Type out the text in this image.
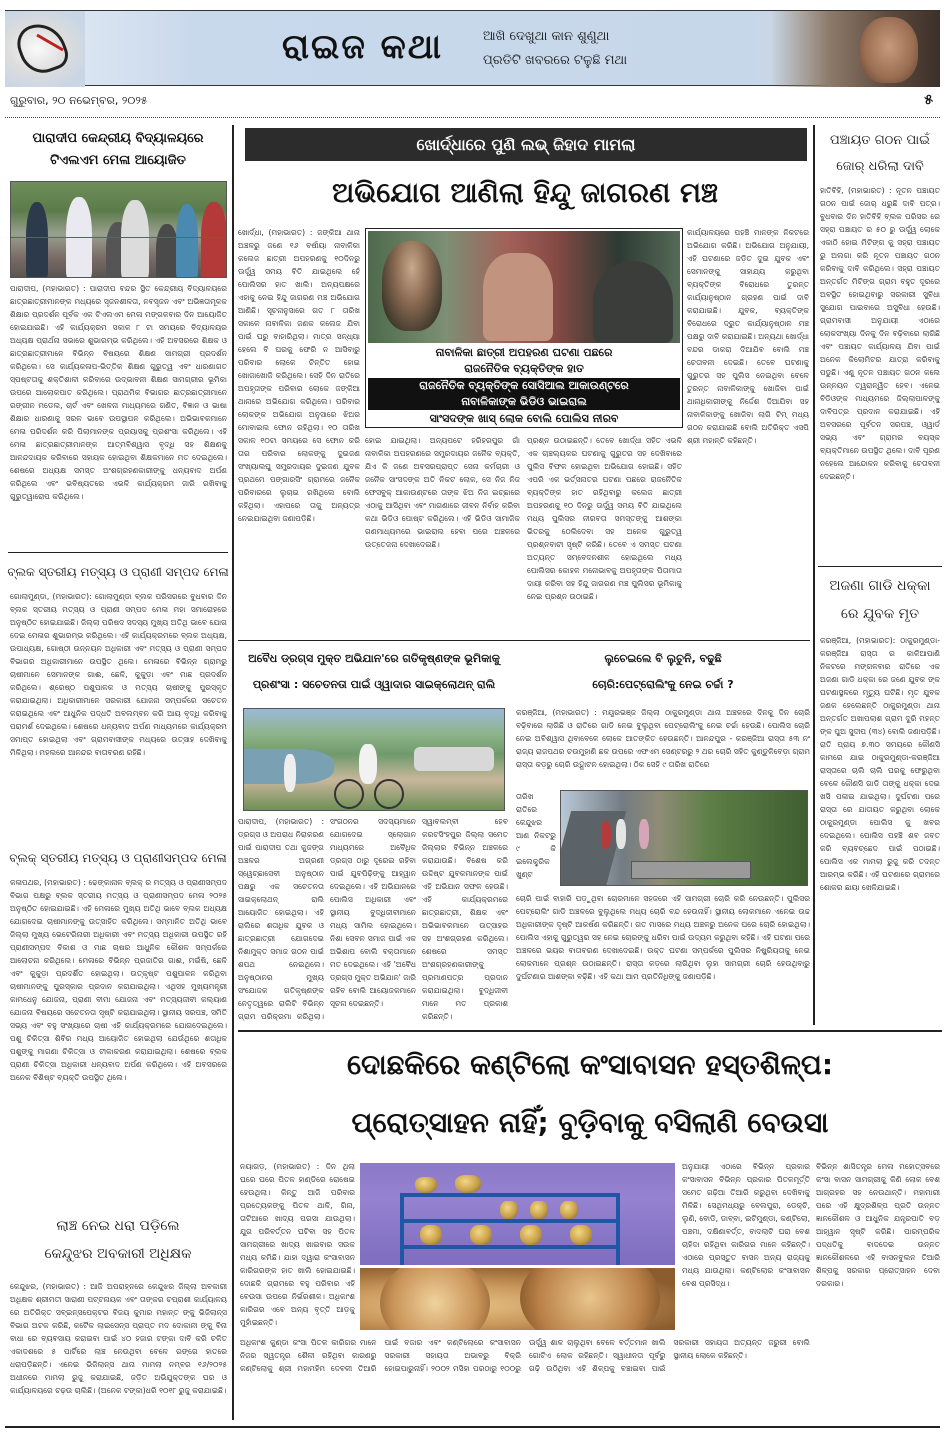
ରାଇଜ କଥା	ଆଖି ଦେଖୁଥା କାନ ଶୁଣୁଥା
ପ୍ରତିଟି ଖବରରେ ଟଳୁଛି ମଥା
ଗୁରୁବାର, ୨୦ ନଭେମ୍ବର, ୨୦୨୫	୫
ପାରାଦୀପ କେନ୍ଦ୍ରୀୟ ବିଦ୍ୟାଳୟରେ
ଟିଏଲଏମ ମେଳା ଆୟୋଜିତ
ପାରାଦୀପ, (ମହାଭାରତ) : ପାରାଦୀପ ବନ୍ଦର ସ୍ଥିତ କେନ୍ଦ୍ରୀୟ ବିଦ୍ୟାଳୟରେ ଛାତ୍ରଛାତ୍ରୀମାନଙ୍କ ମଧ୍ୟରେ ସୃଜନଶୀଳତା, ନବସୃଜନ ଏବଂ ଅଭିଜ୍ଞତାମୂଳକ ଶିକ୍ଷାର ପ୍ରଦର୍ଶନ ପୂର୍ବକ ଏକ ଟିଏଲଏମ ମେଳା ମଙ୍ଗଳବାର ଦିନ ଆୟୋଜିତ ହୋଇଯାଇଛି। ଏହି କାର୍ଯ୍ୟକ୍ରମ ସକାଳ ୮ ଟା ସମୟରେ ବିଦ୍ୟାଳୟର ଅଧ୍ୟକ୍ଷ ପ୍ରାର୍ଥନା ସଭାରେ ଶୁଭାରମ୍ଭ କରିଥିଲେ। ଏହି ଅବସରରେ ଶିକ୍ଷକ ଓ ଛାତ୍ରଛାତ୍ରୀମାନେ ବିଭିନ୍ନ ବିଷୟରେ ଶିକ୍ଷଣ ସାମଗ୍ରୀ ପ୍ରଦର୍ଶନ କରିଥିଲେ। ସେ କାର୍ଯ୍ୟକଳାପ-ଭିତ୍ତିକ ଶିକ୍ଷଣ ଗୁରୁତ୍ୱ ଏବଂ ଧାରଣାଗତ ସ୍ପଷ୍ଟତାକୁ ଶକ୍ତିଶାଳୀ କରିବାରେ ଉଦ୍ଭାବନୀ ଶିକ୍ଷଣ ସାମଗ୍ରୀର ଭୂମିକା ଉପରେ ଆଲୋକପାତ କରିଥିଲେ। ପ୍ରାଥମିକ ବିଭାଗର ଛାତ୍ରଛାତ୍ରୀମାନେ ରଙ୍ଗୀନ ମଡେଲ, ଚାର୍ଟ ଏବଂ ଖେଳନା ମାଧ୍ୟମରେ ଗଣିତ, ବିଜ୍ଞାନ ଓ ଭାଷା ଶିକ୍ଷାର ଧାରଣାକୁ ସରଳ ଭାବେ ଉପସ୍ଥାପନ କରିଥିଲେ। ଅଭିଭାବକମାନେ ମେଳା ପରିଦର୍ଶନ କରି ପିଲାମାନଙ୍କ ପ୍ରୟାସକୁ ପ୍ରଶଂସା କରିଥିଲେ। ଏହି ମେଳା ଛାତ୍ରଛାତ୍ରୀମାନଙ୍କ ଆତ୍ମବିଶ୍ୱାସ ବୃଦ୍ଧି ସହ ଶିକ୍ଷଣକୁ ଆନନ୍ଦଦାୟକ କରିବାରେ ସହାୟକ ହୋଇଥିବା ଶିକ୍ଷକମାନେ ମତ ଦେଇଥିଲେ। ଶେଷରେ ଅଧ୍ୟକ୍ଷ ସମସ୍ତ ଅଂଶଗ୍ରହଣକାରୀଙ୍କୁ ଧନ୍ୟବାଦ ଅର୍ପଣ କରିଥିଲେ ଏବଂ ଭବିଷ୍ୟତରେ ଏଭଳି କାର୍ଯ୍ୟକ୍ରମ ଜାରି ରଖିବାକୁ ଗୁରୁତ୍ୱାରୋପ କରିଥିଲେ।
ବ୍ଲକ ସ୍ତରୀୟ ମତ୍ସ୍ୟ ଓ ପ୍ରାଣୀ ସମ୍ପଦ ମେଳା
ଗୋଲାମୁଣ୍ଡା, (ମହାଭାରତ): ଗୋଲାମୁଣ୍ଡା ବ୍ଲକ ପରିସରରେ ବୁଧବାର ଦିନ ବ୍ଲକ ସ୍ତରୀୟ ମତ୍ସ୍ୟ ଓ ପ୍ରାଣୀ ସମ୍ପଦ ମେଳା ମହା ସମାରୋହରେ ଅନୁଷ୍ଠିତ ହୋଇଯାଇଛି। ଜିଲ୍ଲା ପରିଷଦ ସଦସ୍ୟ ମୁଖ୍ୟ ଅତିଥି ଭାବେ ଯୋଗ ଦେଇ ମେଳାର ଶୁଭାରମ୍ଭ କରିଥିଲେ। ଏହି କାର୍ଯ୍ୟକ୍ରମରେ ବ୍ଲକ ଅଧ୍ୟକ୍ଷ, ଉପାଧ୍ୟକ୍ଷ, ଗୋଷ୍ଠୀ ଉନ୍ନୟନ ଅଧିକାରୀ ଏବଂ ମତ୍ସ୍ୟ ଓ ପ୍ରାଣୀ ସମ୍ପଦ ବିଭାଗର ଅଧିକାରୀମାନେ ଉପସ୍ଥିତ ଥିଲେ। ମେଳାରେ ବିଭିନ୍ନ ଗ୍ରାମରୁ ଚାଷୀମାନେ ସେମାନଙ୍କ ଗାଈ, ଛେଳି, କୁକୁଡ଼ା ଏବଂ ମାଛ ପ୍ରଦର୍ଶନ କରିଥିଲେ। ଶ୍ରେଷ୍ଠ ପଶୁପାଳକ ଓ ମତ୍ସ୍ୟ ଚାଷୀଙ୍କୁ ପୁରସ୍କୃତ କରାଯାଇଥିଲା। ଅଧିକାରୀମାନେ ସରକାରୀ ଯୋଜନା ସମ୍ପର୍କରେ ସଚେତନ କରାଇଥିଲେ ଏବଂ ଆଧୁନିକ ପଦ୍ଧତି ଅବଲମ୍ବନ କରି ଆୟ ବୃଦ୍ଧି କରିବାକୁ ପରାମର୍ଶ ଦେଇଥିଲେ। ଶେଷରେ ଧନ୍ୟବାଦ ଅର୍ପଣ ମାଧ୍ୟମରେ କାର୍ଯ୍ୟକ୍ରମ ସମାପ୍ତ ହୋଇଥିଲା ଏବଂ ଗ୍ରାମବାସୀଙ୍କ ମଧ୍ୟରେ ଉତ୍ସାହ ଦେଖିବାକୁ ମିଳିଥିଲା। ମହଲରେ ଆନନ୍ଦର ବାତାବରଣ ରହିଛି।
ବ୍ଲକ୍ ସ୍ତରୀୟ ମତ୍ସ୍ୟ ଓ ପ୍ରାଣୀସମ୍ପଦ ମେଳା
କଳାପଥର, (ମହାଭାରତ) : ଢେଙ୍କାନାଳ ବ୍ଲକ୍ ର ମତ୍ସ୍ୟ ଓ ପ୍ରାଣୀସମ୍ପଦ ବିଭାଗ ପକ୍ଷରୁ ବ୍ଲକ ସ୍ତରୀୟ ମତ୍ସ୍ୟ ଓ ପ୍ରାଣୀସମ୍ପଦ ମେଳା ୨୦୨୫ ଅନୁଷ୍ଠିତ ହୋଇଯାଇଛି। ଏହି ମେଳାରେ ମୁଖ୍ୟ ଅତିଥି ଭାବେ ବ୍ଲକ ଅଧ୍ୟକ୍ଷ ଯୋଗଦେଇ ଚାଷୀମାନଙ୍କୁ ଉତ୍ସାହିତ କରିଥିଲେ। ସମ୍ମାନିତ ଅତିଥି ଭାବେ ଜିଲ୍ଲା ମୁଖ୍ୟ ଭେଟେରିନାରୀ ଅଧିକାରୀ ଏବଂ ମତ୍ସ୍ୟ ଅଧିକାରୀ ଉପସ୍ଥିତ ରହି ପ୍ରାଣୀସମ୍ପଦ ବିକାଶ ଓ ମାଛ ଚାଷର ଆଧୁନିକ କୌଶଳ ସମ୍ପର୍କରେ ଆଲୋଚନା କରିଥିଲେ। ମେଳାରେ ବିଭିନ୍ନ ପ୍ରଜାତିର ଗାଈ, ମଇଁଷି, ଛେଳି ଏବଂ କୁକୁଡ଼ା ପ୍ରଦର୍ଶିତ ହୋଇଥିଲା। ଉତ୍କୃଷ୍ଟ ପଶୁପାଳନ କରିଥିବା ଚାଷୀମାନଙ୍କୁ ପୁରସ୍କାର ପ୍ରଦାନ କରାଯାଇଥିଲା। ଏଥିସହ ମୁଖ୍ୟମନ୍ତ୍ରୀ କାମଧେନୁ ଯୋଜନା, ପ୍ରାଣୀ ବୀମା ଯୋଜନା ଏବଂ ମତ୍ସ୍ୟଜୀବୀ କଲ୍ୟାଣ ଯୋଜନା ବିଷୟରେ ସଚେତନତା ସୃଷ୍ଟି କରାଯାଇଥିଲା। ସ୍ଥାନୀୟ ସରପଞ୍ଚ, ସମିତି ସଭ୍ୟ ଏବଂ ବହୁ ସଂଖ୍ୟାରେ ଚାଷୀ ଏହି କାର୍ଯ୍ୟକ୍ରମରେ ଯୋଗଦେଇଥିଲେ। ପଶୁ ଚିକିତ୍ସା ଶିବିର ମଧ୍ୟ ଆୟୋଜିତ ହୋଇଥିଲା ଯେଉଁଥିରେ ଶତାଧିକ ପଶୁଙ୍କୁ ମାଗଣା ଚିକିତ୍ସା ଓ ଟୀକାକରଣ କରାଯାଇଥିଲା। ଶେଷରେ ବ୍ଲକ ପ୍ରାଣୀ ଚିକିତ୍ସା ଅଧିକାରୀ ଧନ୍ୟବାଦ ଅର୍ପଣ କରିଥିଲେ। ଏହି ଅବସରରେ ଅନେକ ବିଶିଷ୍ଟ ବ୍ୟକ୍ତି ଉପସ୍ଥିତ ଥିଲେ।
ଲାଞ୍ଚ ନେଇ ଧରା ପଡ଼ିଲେ
କେନ୍ଦୁଝର ଅବକାରୀ ଅଧିକ୍ଷକ
କେନ୍ଦୁଝର, (ମହାଭାରତ) : ଆଜି ଅପରାହ୍ନରେ କେନ୍ଦୁଝର ଜିଲ୍ଲା ଅବକାରୀ ଅଧିକ୍ଷକ ଶ୍ରୀମତୀ ସାରାଣୀ ପଟ୍ଟନାୟକ ଏବଂ ତାଙ୍କର ଚପ୍ରାଶୀ କାର୍ଯ୍ୟାଳୟ ରେ ଅତିରିକ୍ତ ସବ୍‌ଇନ୍‌ସପେକ୍ଟର ବିଜୟ କୁମାର ମହାନ୍ତ ଙ୍କୁ ଭିଜିଲାନ୍ସ ବିଭାଗ ଅଟକ କରିଛି, କଟୈକ ଲାଇସେନ୍ସ ପ୍ରାପ୍ତ ମଦ ଦୋକାନୀ ଙ୍କୁ ବିନା ବାଧା ରେ ବ୍ୟବସାୟ କରାଇବା ପାଇଁ ୪୦ ହଜାର ଟଙ୍କା ଦାବି କରି ଚଳିତ ଏକାଦଶରେ ୫ ପାର୍ଟିରେ ଲାଞ୍ଚ ନେଉଥିବା ବେଳେ ରଙ୍ଗେ ହାତରେ ଧରାପଡ଼ିଛନ୍ତି। ଏନେଇ ଭିଜିଲାନ୍ସ ଥାନା ମାମଲା ନମ୍ବର ୧୬/୨୦୨୫ ଅଧୀନରେ ମାମଲା ରୁଜୁ କରାଯାଇଛି, ଜଡ଼ିତ ଅଭିଯୁକ୍ତଙ୍କ ଘର ଓ କାର୍ଯ୍ୟାଳୟରେ ଚଢ଼ଉ ଚାଲିଛି। (ଅନେକ ଟଙ୍କା)ଧରି ୧୦୧୮ ରୁଜୁ କରାଯାଇଛି।
ଖୋର୍ଦ୍ଧାରେ ପୁଣି ଲଭ୍ ଜିହାଦ ମାମଲା
ଅଭିଯୋଗ ଆଣିଲା ହିନ୍ଦୁ ଜାଗରଣ ମଞ୍ଚ
ଖୋର୍ଦ୍ଧା, (ମହାଭାରତ) : ଜଙ୍କିଆ ଥାନା ଅଞ୍ଚଳରୁ ଜଣେ ୧୬ ବର୍ଷୀୟା ନାବାଳିକା କଲେଜ ଛାତ୍ରୀ ଅପହରଣକୁ ୧୦ଦିନରୁ ଊର୍ଦ୍ଧ୍ୱ ସମୟ ବିତି ଯାଇଥିଲେ ହେଁ ପୋଲିସର ହାତ ଖାଲି। ଅନ୍ୟପକ୍ଷରେ ଏହାକୁ ନେଇ ହିନ୍ଦୁ ଜାଗରଣ ମଞ୍ଚ ଅଭିଯୋଗ ଆଣିଛି। ସୂଚନାନୁସାରେ ଗତ ୮ ତାରିଖ ସକାଳେ ନାବାଳିକା ଜଣକ କଲେଜ ଯିବା ପାଇଁ ଘରୁ ବାହାରିଥିଲା। ମାତ୍ର ସନ୍ଧ୍ୟା ହେଲେ ବି ଘରକୁ ଫେରି ନ ଆସିବାରୁ ପରିବାର ଲୋକେ ଚିନ୍ତିତ ହୋଇ ଖୋଜାଖୋଜି କରିଥିଲେ। ସେହି ଦିନ ରାତିରେ ଅପହୃତାଙ୍କ ପରିବାର ଲୋକେ ଜଙ୍କିଆ ଥାନାରେ ଅଭିଯୋଗ କରିଥିଲେ। ପରିବାର ଲୋକଙ୍କ ଅଭିଯୋଗ ଅନୁସାରେ ଝିଅର ମୋବାଇଲ ଫୋନ ରହିଥିଲା। ୧୦ ତାରିଖ ସକାଳ ୧୦ଟା ସମୟରେ ସେ ଫୋନ କରି ତାର ପରିବାର ଲୋକଙ୍କୁ ଦୁଇଜଣ ସଂଖ୍ୟାଲଘୁ ସମ୍ପ୍ରଦାୟର ଦୁଇଜଣ ଯୁବକ ପ୍ରଥମେ ପଙ୍ଗାରସିଂ ଗ୍ରାମରେ ଜନୈକ ପରିବାରରେ ଲୁଚାଇ ରଖିଥିଲେ ବୋଲି କହିଥିଲା। ଏହାପରେ ତାକୁ ଅନ୍ୟତ୍ର ନେଇଯାଇଥିବା ଜଣାପଡ଼ିଛି।
କାର୍ଯ୍ୟାଳୟରେ ପହଞ୍ଚି ମାନଙ୍କ ନିକଟରେ ଅଭିଯୋଗ କରିଛି। ଅଭିଯୋଗ ଅନୁଯାୟୀ, ଏହି ଘଟଣାରେ ଜଡ଼ିତ ଦୁଇ ଯୁବକ ଏବଂ ସେମାନଙ୍କୁ ସାହାଯ୍ୟ କରୁଥିବା ବ୍ୟକ୍ତିଙ୍କ ବିରୋଧରେ ତୁରନ୍ତ କାର୍ଯ୍ୟାନୁଷ୍ଠାନ ଗ୍ରହଣ ପାଇଁ ଦାବି କରାଯାଇଛି। ଯୁବକ, ବ୍ୟକ୍ତିଙ୍କ ବିରୋଧରେ ଦ୍ରୁତ କାର୍ଯ୍ୟାନୁଷ୍ଠାନ ମଞ୍ଚ ପକ୍ଷରୁ ଦାବି କରାଯାଇଛି। ଅନ୍ୟଥା ଖୋର୍ଦ୍ଧା ବନ୍ଦର ଡାକରା ଦିଆଯିବ ବୋଲି ମଞ୍ଚ ଚେତାବନୀ ଦେଇଛି। ତେବେ ଘଟଣାକୁ ଗୁରୁତର ସହ ପୁଲିସ ନେଇଥିବା ବେଳେ ତୁରନ୍ତ ନାବାଳିକାଙ୍କୁ ଖୋଜିବା ପାଇଁ ଥାନାଧିକାରୀଙ୍କୁ ନିର୍ଦ୍ଦେଶ ଦିଆଯିବା ସହ ନାବାଳିକାଙ୍କୁ ଖୋଜିବା ଲାଗି ଟିମ୍ ମଧ୍ୟ ଗଠନ କରାଯାଇଛି ବୋଲି ଅତିରିକ୍ତ ଏସପି ଶ୍ରୀ ମହାନ୍ତି କହିଛନ୍ତି।
ନାବାଳିକା ଛାତ୍ରୀ ଅପହରଣ ଘଟଣା ପଛରେ
ରାଜନୈତିକ ବ୍ୟକ୍ତିଙ୍କ ହାତ
ରାଜନୈତିକ ବ୍ୟକ୍ତିଙ୍କ ସୋସିଆଲ ଆକାଉଣ୍ଟରେ
ନାବାଳିକାଙ୍କ ଭିଡିଓ ଭାଇରାଲ
ସାଂସଦଙ୍କ ଖାସ୍ ଲୋକ ବୋଲି ପୋଲିସ ନୀରବ
ହୋଇ ଯାଇଥିଲା। ଅନ୍ୟପଟେ ହରିହରପୁର ଗାଁ ନାବାଳିକା ଅପହରଣରେ ସମ୍ପ୍ରଦାୟର ଜନୈକ ବ୍ୟକ୍ତି, ଯିଏ କି ଜଣେ ଅବସରପ୍ରାପ୍ତ ସେନା କର୍ମଚାରୀ ଓ ଜନୈକ ସାଂସଦଙ୍କ ଅତି ନିକଟ ଲୋକ, ସେ ନିଜ ନିଜ ଫେସବୁକ୍ ଆକାଉଣ୍ଟରେ ତାଙ୍କ ଝିଅ ନିଜ ଇଚ୍ଛାରେ ଏଠାକୁ ଆସିଥିବା ଏବଂ ମାଗଣାରେ ଜୀବନ ନିର୍ବାହ କରିବା କଥା ଭିଡିଓ ପୋଷ୍ଟ କରିଥିଲେ। ଏହି ଭିଡିଓ ସାମାଜିକ ଗଣମାଧ୍ୟମରେ ଭାଇରାଲ ହେବା ପରେ ଅଞ୍ଚଳରେ ଉତ୍ତେଜନା ଦେଖାଦେଇଛି।
ପ୍ରଶ୍ନ ଉଠାଇଛନ୍ତି। ତେବେ ଖୋର୍ଦ୍ଧା ସହିତ ଏଭଳି ଏକ ଚାଞ୍ଚଲ୍ୟକର ଘଟଣାକୁ ଗୁରୁତର ସହ ଦେଖିବାରେ ପୁଲିସ ବିଫଳ ହୋଇଥିବା ଅଭିଯୋଗ ହୋଇଛି। ସହିତ ଏପରି ଏକ ଭର୍ତ୍ସନାତର ଘଟଣା ପଛରେ ରାଜନୈତିକ ବ୍ୟକ୍ତିଙ୍କ ହାତ ରହିଥିବାରୁ କଲେଜ ଛାତ୍ରୀ ଅପହରଣକୁ ୧୦ ଦିନରୁ ଊର୍ଦ୍ଧ୍ୱ ସମୟ ବିତି ଯାଇଥିଲେ ମଧ୍ୟ ପୁଲିସର ନୀରବତା ସମସ୍ତଙ୍କୁ ଆଶଙ୍କା ଭିତରକୁ ଠେଲିଦେବା ସହ ଅନେକ ଗୁରୁତ୍ୱ ପ୍ରଶ୍ନବାଚୀ ସୃଷ୍ଟି କରିଛି। ତେବେ ଏ ସମସ୍ତ ଘଟଣା ଅତ୍ୟନ୍ତ ସମ୍ବେଦନଶୀଳ ହୋଇଥିଲେ ମଧ୍ୟ ପୋଲିସର କୋହଳ ମନୋଭାବକୁ ଅପହୃତାଙ୍କ ପିତାମାତା ଦାୟୀ କରିବା ସହ ହିନ୍ଦୁ ଜାଗରଣ ମଞ୍ଚ ପୁଲିସର ଭୂମିକାକୁ ନେଇ ପ୍ରଶ୍ନ ଉଠାଇଛି।
ପଞ୍ଚାୟତ ଗଠନ ପାଇଁ
ଜୋର୍ ଧରିଲା ଦାବି
ହାତିବିହି, (ମହାଭାରତ) : ନୂତନ ପଞ୍ଚାୟତ ଗଠନ ପାଇଁ ଜୋର୍ ଧରୁଛି ଦାବି ପତ୍ର। ବୁଧବାର ଦିନ ହାତିବିହି ବ୍ଲକ ପରିସର ରେ ସହ୍ରା ପଞ୍ଚାୟତ ର ୫୦ ରୁ ଊର୍ଦ୍ଧ୍ୱ ଲୋକେ ଏକାଠି ହୋଇ ମିଟିଙ୍ଗ କୁ ସହ୍ରା ପଞ୍ଚାୟତ ରୁ ଅଲଗା କରି ନୂତନ ପଞ୍ଚାୟତ ଗଠନ କରିବାକୁ ଦାବି କରିଥିଲେ। ସହ୍ରା ପଞ୍ଚାୟତ ଅନ୍ତର୍ଗତ ମିଟିଙ୍ଗ ଗ୍ରାମ ବହୁତ ଦୂରରେ ଅବସ୍ଥିତ ହୋଇଥିବାରୁ ସରକାରୀ ସୁବିଧା ସୁଯୋଗ ପାଇବାରେ ଅସୁବିଧା ହେଉଛି। ଗ୍ରାମବାସୀ ଅନୁଯାୟୀ ଏଠାରେ ଲୋକସଂଖ୍ୟା ଦିନକୁ ଦିନ ବଢ଼ିବାରେ ଲାଗିଛି ଏବଂ ପଞ୍ଚାୟତ କାର୍ଯ୍ୟାଳୟ ଯିବା ପାଇଁ ଅନେକ କିଲୋମିଟର ଯାତ୍ରା କରିବାକୁ ପଡୁଛି। ଏଣୁ ନୂତନ ପଞ୍ଚାୟତ ଗଠନ କଲେ ଉନ୍ନୟନ ତ୍ୱରାନ୍ୱିତ ହେବ। ଏନେଇ ବିଡିଓଙ୍କ ମାଧ୍ୟମରେ ଜିଲ୍ଲାପାଳଙ୍କୁ ଦାବିପତ୍ର ପ୍ରଦାନ କରାଯାଇଛି। ଏହି ଅବସରରେ ପୂର୍ବତନ ସରପଞ୍ଚ, ଓ୍ୱାର୍ଡ ସଭ୍ୟ ଏବଂ ଗ୍ରାମର ବୟସ୍କ ବ୍ୟକ୍ତିମାନେ ଉପସ୍ଥିତ ଥିଲେ। ଦାବି ପୂରଣ ନହେଲେ ଆନ୍ଦୋଳନ କରିବାକୁ ଚେତାବନୀ ଦେଇଛନ୍ତି।
ଅଜଣା ଗାଡି ଧକ୍କା
ରେ ଯୁବକ ମୃତ
କରଞ୍ଜିଆ, (ମହାଭାରତ): ଠାକୁରମୁଣ୍ଡା- କରଞ୍ଜିଆ ରାସ୍ତା ର କାଳିଆପାଣି ନିକଟରେ ମଙ୍ଗଳବାର ରାତିରେ ଏକ ଅଜଣା ଗାଡି ଧକ୍କା ରେ ଜଣେ ଯୁବକ ଙ୍କ ଘଟଣାସ୍ଥଳରେ ମୃତ୍ୟୁ ଘଟିଛି। ମୃତ ଯୁବକ ଜଣକ ହେଲେଛନ୍ତି ଠାକୁରମୁଣ୍ଡା ଥାନା ଅନ୍ତର୍ଗତ ଅଖାପଲାଶ ଗ୍ରାମ ଦୁରି ମହନ୍ତ ଙ୍କ ପୁଅ ସୁଦୀପ (୩୪) ବୋଲି ଜଣାପଡ଼ିଛି। ରାତି ପ୍ରାୟ ୭.୩୦ ସମୟରେ କୌଣସି କାମରେ ଯାଇ ଠାକୁରମୁଣ୍ଡା-କରଞ୍ଜିଆ ରାସ୍ତାରେ ଚାଲି ଚାଲି ଘରକୁ ଫେରୁଥିବା ବେଳେ କୌଣସି ଗାଡି ତାଙ୍କୁ ଧକ୍କା ଦେଇ ଖସି ପଳାଇ ଯାଇଥିଲା। ଦୁର୍ଘଟଣା ପରେ ରାସ୍ତା ରେ ଯାତାୟତ କରୁଥିବା ଲୋକେ ଠାକୁରମୁଣ୍ଡା ପୋଲିସ କୁ ଖବର ଦେଇଥିଲେ। ପୋଲିସ ପହଞ୍ଚି ଶବ ଜବତ କରି ବ୍ୟବଚ୍ଛେଦ ପାଇଁ ପଠାଇଛି। ପୋଲିସ ଏକ ମାମଲା ରୁଜୁ କରି ତଦନ୍ତ ଆରମ୍ଭ କରିଛି। ଏହି ଘଟଣାରେ ଗ୍ରାମରେ ଶୋକର ଛାୟା ଖେଳିଯାଇଛି।
ଅବୈଧ ଡ୍ରଗ୍ସ ମୁକ୍ତ ଅଭିଯାନ'ରେ ଗତିକୃଷ୍ଣଙ୍କ ଭୂମିକାକୁ
ପ୍ରଶଂସା : ସଚେତନତା ପାଇଁ ଓ୍ୱାଦାର ସାଇକ୍ଲୋଥନ୍ ରାଲି
ପାରାଦୀପ, (ମହାଭାରତ) : ଡ୍ରଗ୍ସ ଓ ଅପରାଧ ନିରାକରଣ ପାଇଁ ପାରାଦୀପ ତଥା କୁଜଙ୍ଗ ଅଞ୍ଚଳର ଅଗ୍ରଣୀ ସ୍ୱେଚ୍ଛାସେବୀ ଅନୁଷ୍ଠାନ ପକ୍ଷରୁ ଏକ ସଚେତନତା ସାଇକ୍ଲୋଥନ୍ ରାଲି ଆୟୋଜିତ ହୋଇଥିଲା। ଏହି ରାଲିରେ ଶତାଧିକ ଯୁବକ ଓ ଛାତ୍ରଛାତ୍ରୀ ଯୋଗଦେଇ ନିଶାମୁକ୍ତ ସମାଜ ଗଠନ ପାଇଁ ଶପଥ ନେଇଥିଲେ। ଅନୁଷ୍ଠାନର ମୁଖ୍ୟ ସଂଯୋଜକ ଗତିକୃଷ୍ଣଙ୍କ ନେତୃତ୍ୱରେ ରାଲିଟି ବିଭିନ୍ନ ଗ୍ରାମ ପରିକ୍ରମା କରିଥିଲା।
ସଂଗଠନର ସଦସ୍ୟମାନେ ଯୋଗଦେଇ ସ୍ଲୋଗାନ ମାଧ୍ୟମରେ ଅବୈଧିକ ଡ୍ରଗ୍ସ ଠାରୁ ଦୂରେଇ ରହିବା ପାଇଁ ଯୁବପିଢ଼ିଙ୍କୁ ଆହ୍ୱାନ ଦେଇଥିଲେ। ଏହି ଅଭିଯାନରେ ପୋଲିସ ଅଧିକାରୀ ଏବଂ ସ୍ଥାନୀୟ ବୁଦ୍ଧିଜୀବୀମାନେ ମଧ୍ୟ ସାମିଲ ହୋଇଥିଲେ। ନିଶା ସେବନ ସମାଜ ପାଇଁ ଏକ ଅଭିଶାପ ବୋଲି ବକ୍ତାମାନେ ମତ ଦେଇଥିଲେ। ଏହି 'ଅବୈଧ ଡ୍ରଗ୍ସ ମୁକ୍ତ ଅଭିଯାନ' ଜାରି ରହିବ ବୋଲି ଆୟୋଜକମାନେ ସୂଚନା ଦେଇଛନ୍ତି।
ସ୍ୱାବଲମ୍ବୀ ହେବ କରଟସିଂହପୁର ଜିଲ୍ଲା ସମେତ ଜିଲ୍ଲାର ବିଭିନ୍ନ ଅଞ୍ଚଳରେ କରାଯାଉଛି। ବିଶେଷ କରି ଉଦ୍ଦିଷ୍ଟ ଯୁବକମାନଙ୍କ ପାଇଁ ଏହି ଅଭିଯାନ ସଫଳ ହେଉଛି। ଏହି କାର୍ଯ୍ୟକ୍ରମରେ ଛାତ୍ରଛାତ୍ରୀ, ଶିକ୍ଷକ ଏବଂ ଅଭିଭାବକମାନେ ଉତ୍ସାହର ସହ ଅଂଶଗ୍ରହଣ କରିଥିଲେ। ଶେଷରେ ସମସ୍ତ ଅଂଶଗ୍ରହଣକାରୀଙ୍କୁ ପ୍ରମାଣପତ୍ର ପ୍ରଦାନ କରାଯାଇଥିଲା। ବୁଦ୍ଧିଜୀବୀ ମାନେ ମତ ପ୍ରକାଶ କରିଛନ୍ତି।
ଲୁଚେଇଲେ ବି ଲୁଚୁନି, ବଢୁଛି
ଚୋରି:ପେଟ୍ରୋଲିଂକୁ ନେଇ ଚର୍ଚ୍ଚା ?
କରଞ୍ଜିଆ, (ମହାଭାରତ) : ମୟୂରଭଞ୍ଜ ଜିଲ୍ଲା ଠାକୁରମୁଣ୍ଡା ଥାନା ଅଞ୍ଚଳରେ ଦିନକୁ ଦିନ ଚୋରି ବଢ଼ିବାରେ ଲାଗିଛି ଓ ରାତିରେ ଗାଡି ନେଇ ବୁଲୁଥିବା ପେଟ୍ରୋଲିଂକୁ ନେଇ ଚର୍ଚ୍ଚା ହେଉଛି। ପୋଲିସ ଚୋରି ନେଇ ଅବିଶ୍ୱାସ ଥିବାବେଳେ ଲୋକେ ଆତଙ୍କିତ ହେଉଛନ୍ତି। ଆନନ୍ଦପୁର - କରଞ୍ଜିଆ ରାସ୍ତା ୫୩ ନଂ ରାଜ୍ୟ ରାଜପଥର ଚଉମୁହାଣି ଛକ ଉପରେ ଏଫଏମ ସେଣ୍ଟରରୁ ୨ ଥର ଚୋରି ସହିତ କୁଣ୍ଡୁଳିବେଡ଼ା ଗ୍ରାମ ରାସ୍ତା କଡ଼ରୁ ଚୋରି ଉଦ୍ଘାଟନ ହୋଇଥିଲା। ଠିକ ସେହି ୯ ତାରିଖ ରାତିରେ
ତାରିଖ ରାତିରେ କେନ୍ଦୁଝର ଆଣ ନିକଟରୁ ୯ କି ଇଲେକ୍ଟ୍ରିକ ଖୁଣ୍ଟ
ଚୋରି ପାଇଁ ବାହାରି ପଡ଼ୁଥିବା ଚୋରମାନେ ସହଜରେ ଏହି ସାମଗ୍ରୀ ଚୋରି କରି ନେଉଛନ୍ତି। ପୁଲିସର ପେଟ୍ରୋଲିଂ ଗାଡି ଅଞ୍ଚଳରେ ବୁଲୁଥିଲେ ମଧ୍ୟ ଚୋରି ବନ୍ଦ ହେଉନାହିଁ। ସ୍ଥାନୀୟ ଲୋକମାନେ ଏନେଇ ଉଚ୍ଚ ଅଧିକାରୀଙ୍କ ଦୃଷ୍ଟି ଆକର୍ଷଣ କରିଛନ୍ତି। ଗତ ମାସରେ ମଧ୍ୟ ଅଞ୍ଚଳରୁ ଅନେକ ଘରେ ଚୋରି ହୋଇଥିଲା। ପୋଲିସ ଏହାକୁ ଗୁରୁତ୍ୱର ସହ ନେଇ ଚୋରଙ୍କୁ ଧରିବା ପାଇଁ ଉଦ୍ୟମ କରୁଥିବା କହିଛି। ଏହି ଘଟଣା ପରେ ଅଞ୍ଚଳରେ ଭୟର ବାତାବରଣ ଦେଖାଦେଇଛି। ଉକ୍ତ ଘଟଣା ସମ୍ପର୍କରେ ପୁଲିସର ନିଷ୍କ୍ରିୟତାକୁ ନେଇ ଲୋକମାନେ ପ୍ରଶ୍ନ ଉଠାଇଛନ୍ତି। ରାସ୍ତା କଡ଼ରେ ଲାଗିଥିବା ଲୁହା ସାମଗ୍ରୀ ଚୋରି ହେଉଥିବାରୁ ଦୁର୍ଘଟଣାର ଆଶଙ୍କା ବଢ଼ିଛି। ଏହି କଥା ଆମ ପ୍ରତିନିଧିଙ୍କୁ ଜଣାପଡ଼ିଛି।
ଦୋଛକିରେ କଣ୍ଟିଲୋ କଂସାବାସନ ହସ୍ତଶିଳ୍ପ:
ପ୍ରୋତ୍ସାହନ ନାହିଁ; ବୁଡ଼ିବାକୁ ବସିଲାଣି ବେଉସା
ନୟାଗଡ଼, (ମହାଭାରତ) : ଦିନ ଥିଲା ଘରେ ଘରେ ପିତଳ ହାଣ୍ଡିରେ ରୋଷେଇ ହେଉଥିଲା। କିନ୍ତୁ ଆଜି ପରିବାର ପ୍ରତ୍ୟେକଙ୍କୁ ପିତଳ ଥାଳି, ଗିନା, ତାଟିଆରେ ଖାଦ୍ୟ ପରସା ଯାଉଥିଲା। ଯୁଗ ପରିବର୍ତ୍ତନ ଘଟିବା ସହ ପିତଳ ସାମଗ୍ରୀରେ ଖାଦ୍ୟ ଖାଇବାର ସଉକ ମଧ୍ୟ କମିଛି। ଯାହା ଦ୍ୱାରା କଂସାବାସନ କାରିଗରଙ୍କ ହାତ ଖାଲି ହୋଇଯାଇଛି। ଦୋଛକି ଗ୍ରାମରେ ବହୁ ପରିବାର ଏହି ବେଉସା ଉପରେ ନିର୍ଭରଶୀଳ। ଅଧିକାଂଶ କାରିଗର ଏବେ ଅନ୍ୟ ବୃତ୍ତି ଆଡ଼କୁ ମୁହାଁଇଛନ୍ତି।
ଅନୁଯାୟୀ ଏଠାରେ ବିଭିନ୍ନ ପ୍ରକାର କଂସାବାସନ ବିଭିନ୍ନ ପ୍ରକାର ପିତଳମୂର୍ତ୍ତି ସମେତ ଗଢ଼ିଆ ତିଆରି କରୁଥିବା ଦେଖିବାକୁ ମିଳିଛି। ସେଥିମଧ୍ୟରୁ ବେଲପୁରା, ଡେକ୍ଚି, ଲୁଣି, ବୋଡି, ଡାବ୍ବା, ଇଟିମୁଣ୍ଡା, କଣ୍ଟିଲୋ, ପଞ୍ଚମା, ଦକ୍ଷିଣାବର୍ତ୍ତ, ବାଦଲାଟି ଘରା ବେଶ ଚାହିଦା ରହିଥିବା କାରିଗର ମାନେ କହିଛନ୍ତି। ଏଠାରେ ପ୍ରସ୍ତୁତ ବାସନ ଅନ୍ୟ ରାଜ୍ୟକୁ ମଧ୍ୟ ଯାଉଥିଲା। କଣ୍ଟିଲୋର କଂସାବାସନ ବେଶ ପ୍ରସିଦ୍ଧ।
ବିଭିନ୍ନ ଶାସିତନ୍ତ୍ର ମେଳା ମହୋତ୍ସବରେ କଂସା ବାସନ ସାମଗ୍ରୀକୁ କିଣି ଲୋକ ବେଶ ଆଗ୍ରହର ସହ ନେଉଥାନ୍ତି। ମହାମାରୀ ପରେ ଏହି କ୍ଷୁଦ୍ରଶିଳ୍ପ ପ୍ରତି ଉନ୍ନତ ଜ୍ଞାନକୌଶଳ ଓ ଆଧୁନିକ ଯନ୍ତ୍ରପାତି ବଡ଼ ଆହ୍ୱାନ ସୃଷ୍ଟି କରିଛି। ପାରମ୍ପରିକ ପଦ୍ଧତିକୁ ବାଦଦେଇ ଉନ୍ନତ ଜ୍ଞାନକୌଶଳରେ ଏହି ବାସନବୁଲନ ତିଆରି ଶିଳ୍ପକୁ ସରକାର ପ୍ରୋତ୍ସାହନ ଦେବା ଦରକାର।
ଅଧିକାଂଶ କୁଣ୍ଡା କଂସା ପିତଳ କାରିଗର ମାନେ ନିଜର ସ୍ୱତନ୍ତ୍ର ଶୈଳୀ ରହିଥିବା କାରଣରୁ କଣ୍ଟିଲୋକୁ ଶ୍ରୀ ମହାମହିମ ଦେବଳୀ ତିଆରି ପାଇଁ ବଜାର ଏବଂ କଣ୍ଟିଲୋରେ କଂସାବାସନ ସରକାରୀ ସହାୟତା ଅଭାବରୁ ବିକ୍ରି ହୋଇପାରୁନାହିଁ। ୨୦୦୨ ମସିହା ପରଠାରୁ ୧୦୦ରୁ ଊର୍ଦ୍ଧ୍ୱ ଶାଳ ଚାଲୁଥିବା ବେଳେ ବର୍ତ୍ତମାନ ଖାଲି ଗୋଟିଏ ଲୋକ ରହିଛନ୍ତି। ସ୍ୱାଧୀନତା ପୂର୍ବରୁ ଗଢ଼ି ଉଠିଥିବା ଏହି ଶିଳ୍ପକୁ ବଞ୍ଚାଇବା ପାଇଁ ସରକାରୀ ସହାୟତା ଅତ୍ୟନ୍ତ ଜରୁରୀ ବୋଲି ସ୍ଥାନୀୟ ଲୋକେ କହିଛନ୍ତି।
